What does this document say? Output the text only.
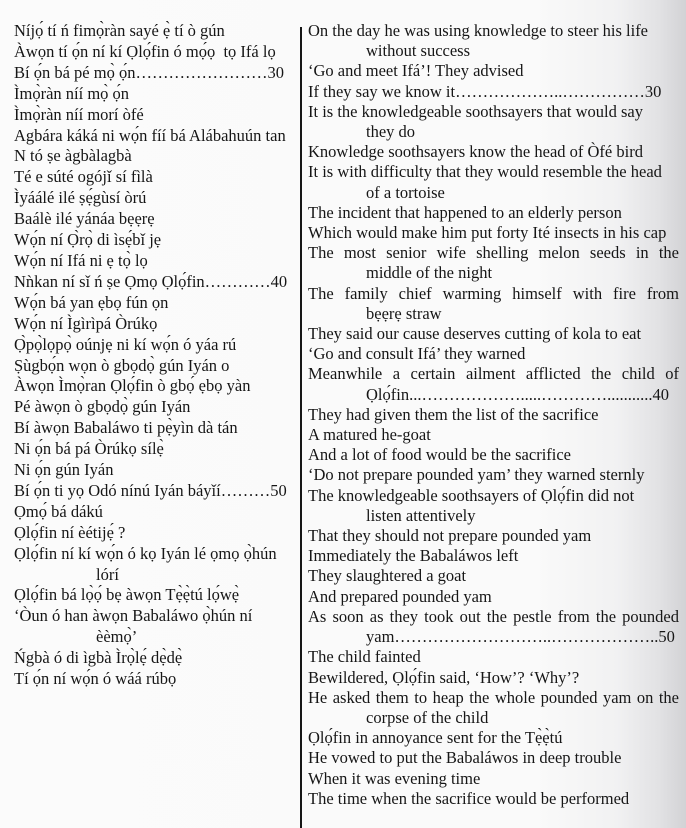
Níjọ́ tí ń fimọ̀ràn sayé ẹ̀ tí ò gún
Àwọn tí ọ́n ní kí Ọlọ́fin ó mọ́ọ  tọ Ifá lọ
Bí ọ́n bá pé mọ̀ ọ́n……………………30
Ìmọ̀ràn níí mọ̀ ọ́n
Ìmọ̀ràn níí morí òfé
Agbára káká ni wọ́n fíí bá Alábahuún tan
N tó ṣe àgbàlagbà
Té e súté ogójǐ sí fìlà
Ìyáálé ilé ṣẹ́gùsí òrú
Baálè ilé yánáa bẹẹrẹ
Wọ́n ní Ọ̀rọ̀ di ìsẹ́bǐ jẹ
Wọ́n ní Ifá ni ẹ tọ̀ lọ
Nǹkan ní sǐ ń ṣe Ọmọ Ọlọ́fin…………40
Wọ́n bá yan ẹbọ fún ọn
Wọ́n ní Ìgìrìpá Òrúkọ
Ọ̀pọ̀lọpọ̀ oúnjẹ ni kí wọ́n ó yáa rú
Ṣùgbọ́n wọn ò gbọdọ̀ gún Iyán o
Àwọn Ìmọ̀ran Ọlọ́fin ò gbọ́ ẹbọ yàn
Pé àwọn ò gbọdọ̀ gún Iyán
Bí àwọn Babaláwo ti pẹ̀yìn dà tán
Ni ọ́n bá pá Òrúkọ sílẹ̀
Ni ọ́n gún Iyán
Bí ọ́n ti yọ Odó nínú Iyán báyǐí………50
Ọmọ́ bá dákú
Ọlọ́fin ní èétijẹ́ ?
Ọlọ́fin ní kí wọ́n ó kọ Iyán lé ọmọ ọ̀hún
lórí
Ọlọ́fin bá lọ̀ọ́ bẹ àwọn Tẹ̀ẹ̀tú lọ́wẹ̀
‘Òun ó han àwọn Babaláwo ọ̀hún ní
èèmọ̀’
Ńgbà ó di ìgbà Ìrọ̀lẹ́ dẹ̀dẹ̀
Tí ọ́n ní wọ́n ó wáá rúbọ
On the day he was using knowledge to steer his life
without success
‘Go and meet Ifá’! They advised
If they say we know it………………..……………30
It is the knowledgeable soothsayers that would say
they do
Knowledge soothsayers know the head of Òfé bird
It is with difficulty that they would resemble the head
of a tortoise
The incident that happened to an elderly person
Which would make him put forty Ité insects in his cap
The most senior wife shelling melon seeds in the
middle of the night
The family chief warming himself with fire from
bẹẹrẹ straw
They said our cause deserves cutting of kola to eat
‘Go and consult Ifá’ they warned
Meanwhile a certain ailment afflicted the child of
Ọlọ́fin...……………….....…………...........40
They had given them the list of the sacrifice
A matured he-goat
And a lot of food would be the sacrifice
‘Do not prepare pounded yam’ they warned sternly
The knowledgeable soothsayers of Ọlọ́fin did not
listen attentively
That they should not prepare pounded yam
Immediately the Babaláwos left
They slaughtered a goat
And prepared pounded yam
As soon as they took out the pestle from the pounded
yam………………………..………………..50
The child fainted
Bewildered, Ọlọ́fin said, ‘How’? ‘Why’?
He asked them to heap the whole pounded yam on the
corpse of the child
Ọlọ́fin in annoyance sent for the Tẹ̀ẹ̀tú
He vowed to put the Babaláwos in deep trouble
When it was evening time
The time when the sacrifice would be performed
